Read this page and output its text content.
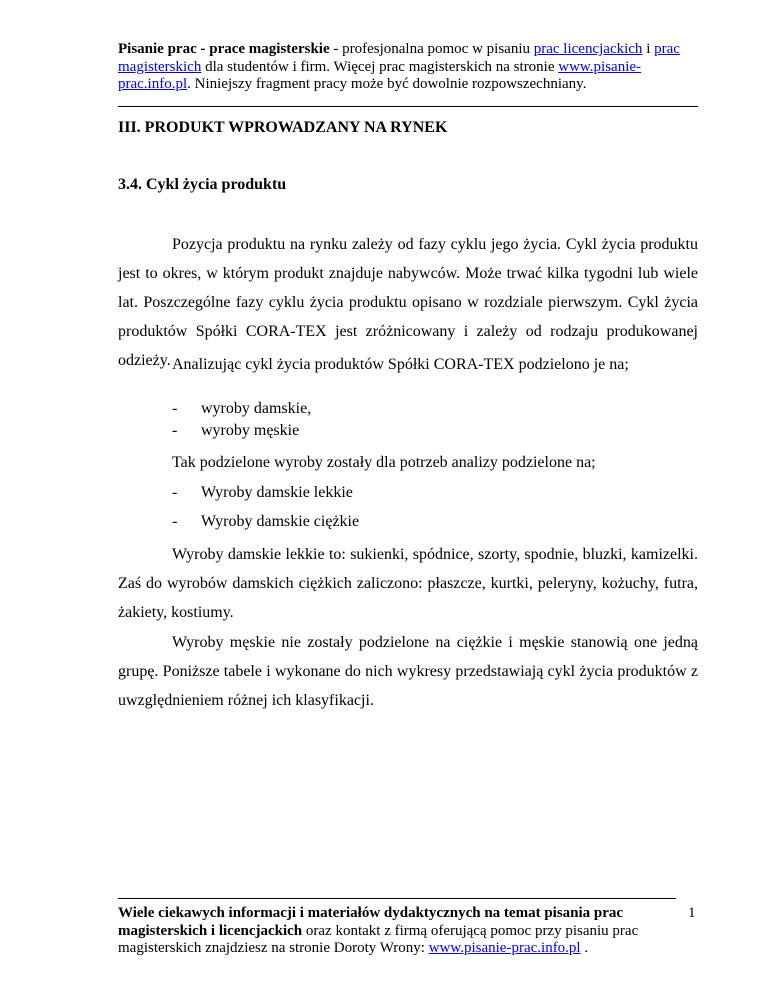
Pisanie prac - prace magisterskie - profesjonalna pomoc w pisaniu prac licencjackich i prac magisterskich dla studentów i firm. Więcej prac magisterskich na stronie www.pisanie-prac.info.pl. Niniejszy fragment pracy może być dowolnie rozpowszechniany.
III. PRODUKT WPROWADZANY NA RYNEK
3.4. Cykl życia produktu

Pozycja produktu na rynku zależy od fazy cyklu jego życia. Cykl życia produktu jest to okres, w którym produkt znajduje nabywców. Może trwać kilka tygodni lub wiele lat. Poszczególne fazy cyklu życia produktu opisano w rozdziale pierwszym. Cykl życia produktów Spółki CORA-TEX jest zróżnicowany i zależy od rodzaju produkowanej odzieży. Analizując cykl życia produktów Spółki CORA-TEX podzielono je na;

- wyroby damskie,

- wyroby męskie

Tak podzielone wyroby zostały dla potrzeb analizy podzielone na;

- Wyroby damskie lekkie

- Wyroby damskie ciężkie

Wyroby damskie lekkie to: sukienki, spódnice, szorty, spodnie, bluzki, kamizelki. Zaś do wyrobów damskich ciężkich zaliczono: płaszcze, kurtki, peleryny, kożuchy, futra, żakiety, kostiumy.

Wyroby męskie nie zostały podzielone na ciężkie i męskie stanowią one jedną grupę. Poniższe tabele i wykonane do nich wykresy przedstawiają cykl życia produktów z uwzględnieniem różnej ich klasyfikacji.

Wiele ciekawych informacji i materiałów dydaktycznych na temat pisania prac magisterskich i licencjackich oraz kontakt z firmą oferującą pomoc przy pisaniu prac magisterskich znajdziesz na stronie Doroty Wrony: www.pisanie-prac.info.pl .
1
